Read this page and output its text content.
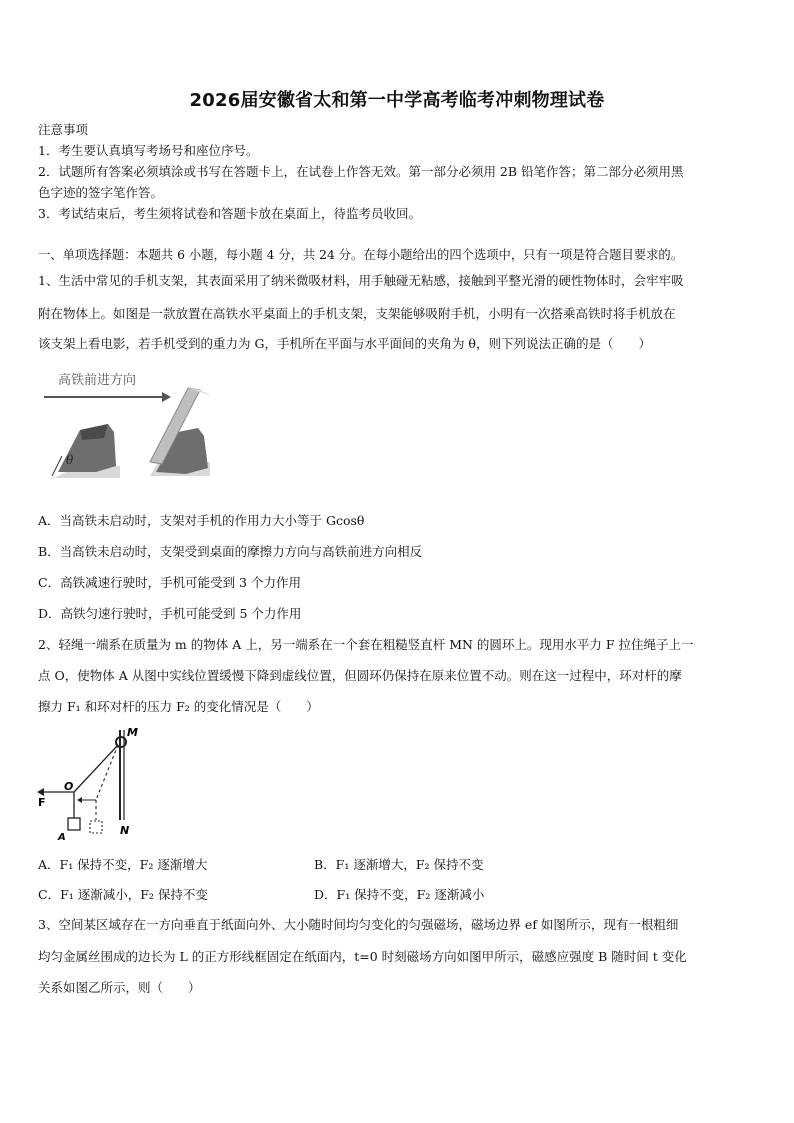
2026届安徽省太和第一中学高考临考冲刺物理试卷
注意事项
1．考生要认真填写考场号和座位序号。
2．试题所有答案必须填涂或书写在答题卡上，在试卷上作答无效。第一部分必须用 2B 铅笔作答；第二部分必须用黑
色字迹的签字笔作答。
3．考试结束后，考生须将试卷和答题卡放在桌面上，待监考员收回。
一、单项选择题：本题共 6 小题，每小题 4 分，共 24 分。在每小题给出的四个选项中，只有一项是符合题目要求的。
1、生活中常见的手机支架，其表面采用了纳米微吸材料，用手触碰无粘感，接触到平整光滑的硬性物体时，会牢牢吸
附在物体上。如图是一款放置在高铁水平桌面上的手机支架，支架能够吸附手机，小明有一次搭乘高铁时将手机放在
该支架上看电影，若手机受到的重力为 G，手机所在平面与水平面间的夹角为 θ，则下列说法正确的是（　　）
高铁前进方向
θ
A．当高铁未启动时，支架对手机的作用力大小等于 Gcosθ
B．当高铁未启动时，支架受到桌面的摩擦力方向与高铁前进方向相反
C．高铁减速行驶时，手机可能受到 3 个力作用
D．高铁匀速行驶时，手机可能受到 5 个力作用
2、轻绳一端系在质量为 m 的物体 A 上，另一端系在一个套在粗糙竖直杆 MN 的圆环上。现用水平力 F 拉住绳子上一
点 O，使物体 A 从图中实线位置缓慢下降到虚线位置，但圆环仍保持在原来位置不动。则在这一过程中，环对杆的摩
擦力 F₁ 和环对杆的压力 F₂ 的变化情况是（　　）
M
N
O
A
F
A．F₁ 保持不变，F₂ 逐渐增大	B．F₁ 逐渐增大，F₂ 保持不变
C．F₁ 逐渐减小，F₂ 保持不变	D．F₁ 保持不变，F₂ 逐渐减小
3、空间某区域存在一方向垂直于纸面向外、大小随时间均匀变化的匀强磁场，磁场边界 ef 如图所示，现有一根粗细
均匀金属丝围成的边长为 L 的正方形线框固定在纸面内，t=0 时刻磁场方向如图甲所示，磁感应强度 B 随时间 t 变化
关系如图乙所示，则（　　）
